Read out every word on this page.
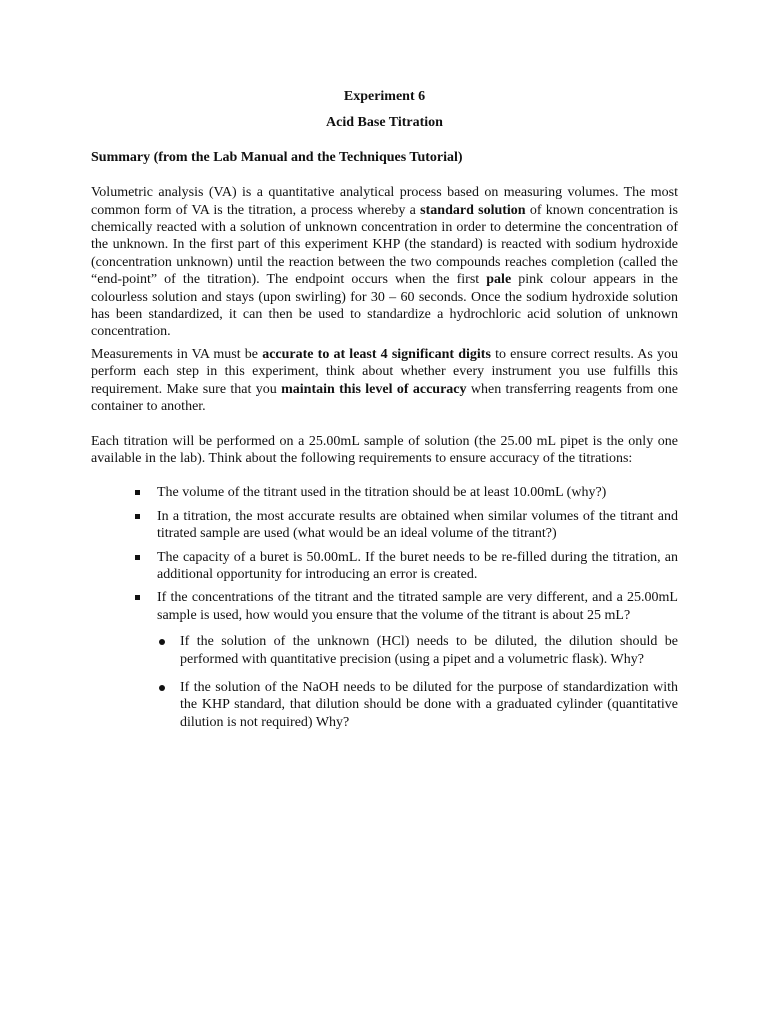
Experiment 6
Acid Base Titration
Summary (from the Lab Manual and the Techniques Tutorial)

Volumetric analysis (VA) is a quantitative analytical process based on measuring volumes. The most common form of VA is the titration, a process whereby a standard solution of known concentration is chemically reacted with a solution of unknown concentration in order to determine the concentration of the unknown. In the first part of this experiment KHP (the standard) is reacted with sodium hydroxide (concentration unknown) until the reaction between the two compounds reaches completion (called the “end-point” of the titration). The endpoint occurs when the first pale pink colour appears in the colourless solution and stays (upon swirling) for 30 – 60 seconds. Once the sodium hydroxide solution has been standardized, it can then be used to standardize a hydrochloric acid solution of unknown concentration.

Measurements in VA must be accurate to at least 4 significant digits to ensure correct results. As you perform each step in this experiment, think about whether every instrument you use fulfills this requirement. Make sure that you maintain this level of accuracy when transferring reagents from one container to another.

Each titration will be performed on a 25.00mL sample of solution (the 25.00 mL pipet is the only one available in the lab). Think about the following requirements to ensure accuracy of the titrations:

The volume of the titrant used in the titration should be at least 10.00mL (why?)
In a titration, the most accurate results are obtained when similar volumes of the titrant and titrated sample are used (what would be an ideal volume of the titrant?)
The capacity of a buret is 50.00mL. If the buret needs to be re-filled during the titration, an additional opportunity for introducing an error is created.
If the concentrations of the titrant and the titrated sample are very different, and a 25.00mL sample is used, how would you ensure that the volume of the titrant is about 25 mL?
If the solution of the unknown (HCl) needs to be diluted, the dilution should be performed with quantitative precision (using a pipet and a volumetric flask). Why?
If the solution of the NaOH needs to be diluted for the purpose of standardization with the KHP standard, that dilution should be done with a graduated cylinder (quantitative dilution is not required) Why?
